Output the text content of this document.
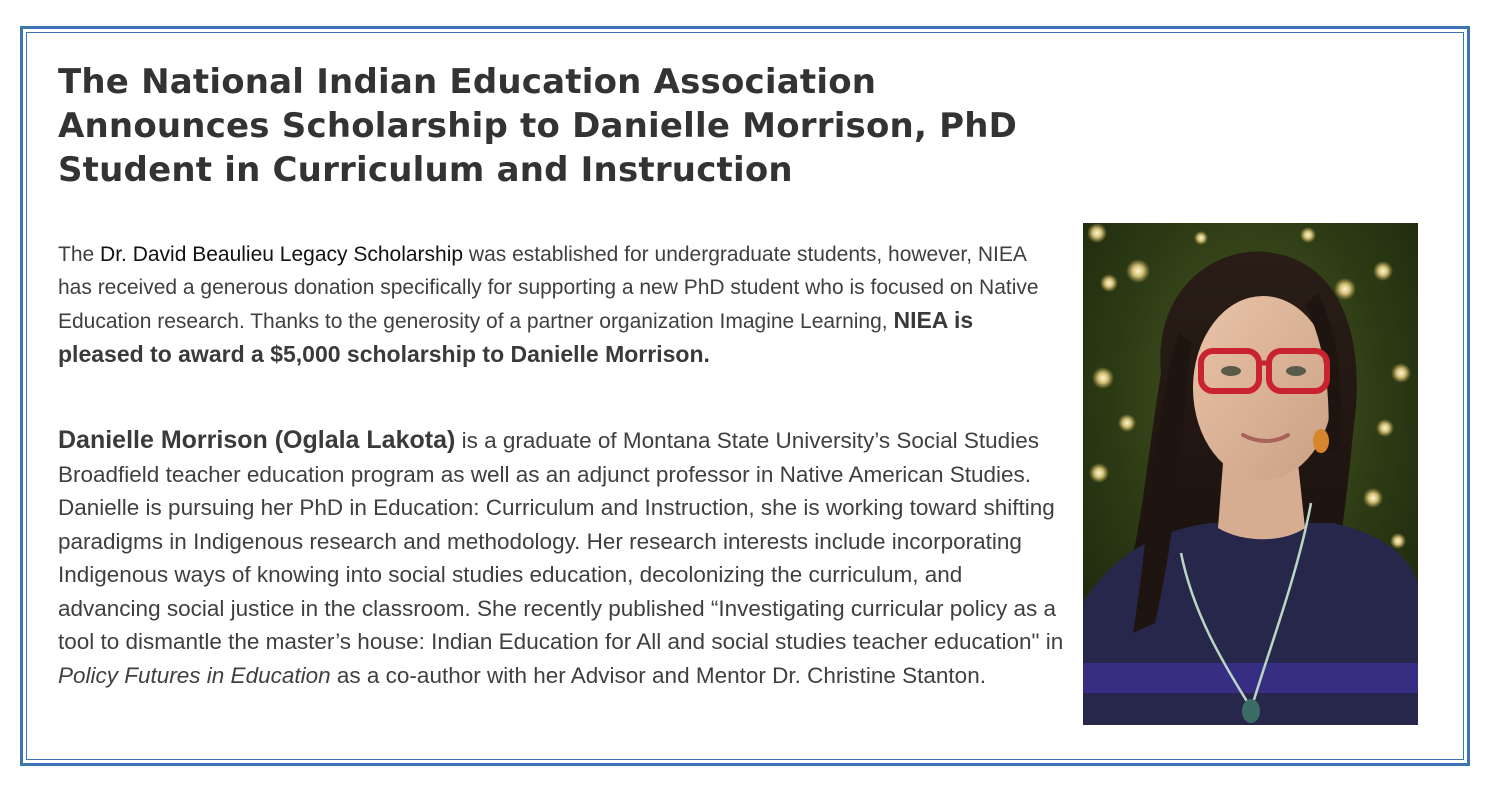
The National Indian Education Association Announces Scholarship to Danielle Morrison, PhD Student in Curriculum and Instruction

The Dr. David Beaulieu Legacy Scholarship was established for undergraduate students, however, NIEA has received a generous donation specifically for supporting a new PhD student who is focused on Native Education research. Thanks to the generosity of a partner organization Imagine Learning, NIEA is pleased to award a $5,000 scholarship to Danielle Morrison.

Danielle Morrison (Oglala Lakota) is a graduate of Montana State University’s Social Studies Broadfield teacher education program as well as an adjunct professor in Native American Studies. Danielle is pursuing her PhD in Education: Curriculum and Instruction, she is working toward shifting paradigms in Indigenous research and methodology. Her research interests include incorporating Indigenous ways of knowing into social studies education, decolonizing the curriculum, and advancing social justice in the classroom. She recently published “Investigating curricular policy as a tool to dismantle the master’s house: Indian Education for All and social studies teacher education" in Policy Futures in Education as a co-author with her Advisor and Mentor Dr. Christine Stanton.
